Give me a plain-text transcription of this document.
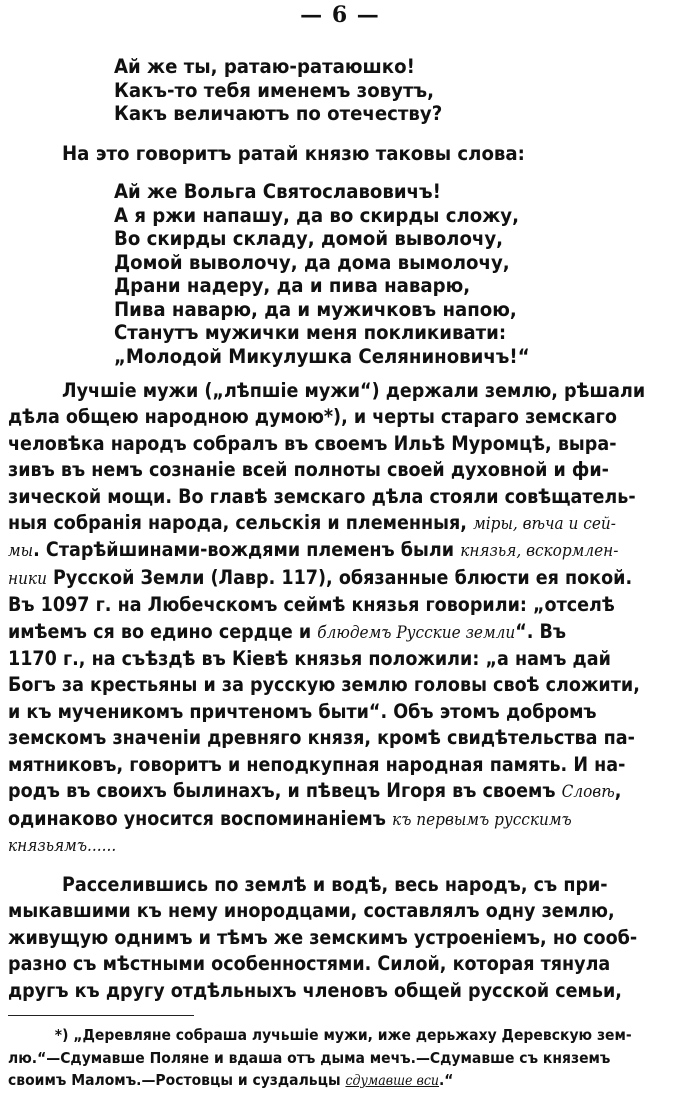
— 6 —
Ай же ты, ратаю-ратаюшко!
Какъ-то тебя именемъ зовутъ,
Какъ величаютъ по отечеству?
На это говоритъ ратай князю таковы слова:
Ай же Вольга Святославовичъ!
А я ржи напашу, да во скирды сложу,
Во скирды складу, домой выволочу,
Домой выволочу, да дома вымолочу,
Драни надеру, да и пива наварю,
Пива наварю, да и мужичковъ напою,
Станутъ мужички меня покликивати:
„Молодой Микулушка Селяниновичъ!“
Лучшіе мужи („лѣпшіе мужи“) держали землю, рѣшали
дѣла общею народною думою*), и черты стараго земскаго
человѣка народъ собралъ въ своемъ Ильѣ Муромцѣ, выра-
зивъ въ немъ сознаніе всей полноты своей духовной и фи-
зической мощи. Во главѣ земскаго дѣла стояли совѣщатель-
ныя собранія народа, сельскія и племенныя, міры, вѣча и сей-
мы. Старѣйшинами-вождями племенъ были князья, вскормлен-
ники Русской Земли (Лавр. 117), обязанные блюсти ея покой.
Въ 1097 г. на Любечскомъ сеймѣ князья говорили: „отселѣ
имѣемъ ся во едино сердце и блюдемъ Русские земли“. Въ
1170 г., на съѣздѣ въ Кіевѣ князья положили: „а намъ дай
Богъ за крестьяны и за русскую землю головы своѣ сложити,
и къ мученикомъ причтеномъ быти“. Объ этомъ добромъ
земскомъ значеніи древняго князя, кромѣ свидѣтельства па-
мятниковъ, говоритъ и неподкупная народная память. И на-
родъ въ своихъ былинахъ, и пѣвецъ Игоря въ своемъ Словѣ,
одинаково уносится воспоминаніемъ къ первымъ русскимъ
князьямъ......
Расселившись по землѣ и водѣ, весь народъ, съ при-
мыкавшими къ нему инородцами, составлялъ одну землю,
живущую однимъ и тѣмъ же земскимъ устроеніемъ, но сооб-
разно съ мѣстными особенностями. Силой, которая тянула
другъ къ другу отдѣльныхъ членовъ общей русской семьи,
*) „Деревляне собраша лучьшіе мужи, иже дерьжаху Деревскую зем-
лю.“—Сдумавше Поляне и вдаша отъ дыма мечъ.—Сдумавше съ княземъ
своимъ Маломъ.—Ростовцы и суздальцы сдумавше вси.“
